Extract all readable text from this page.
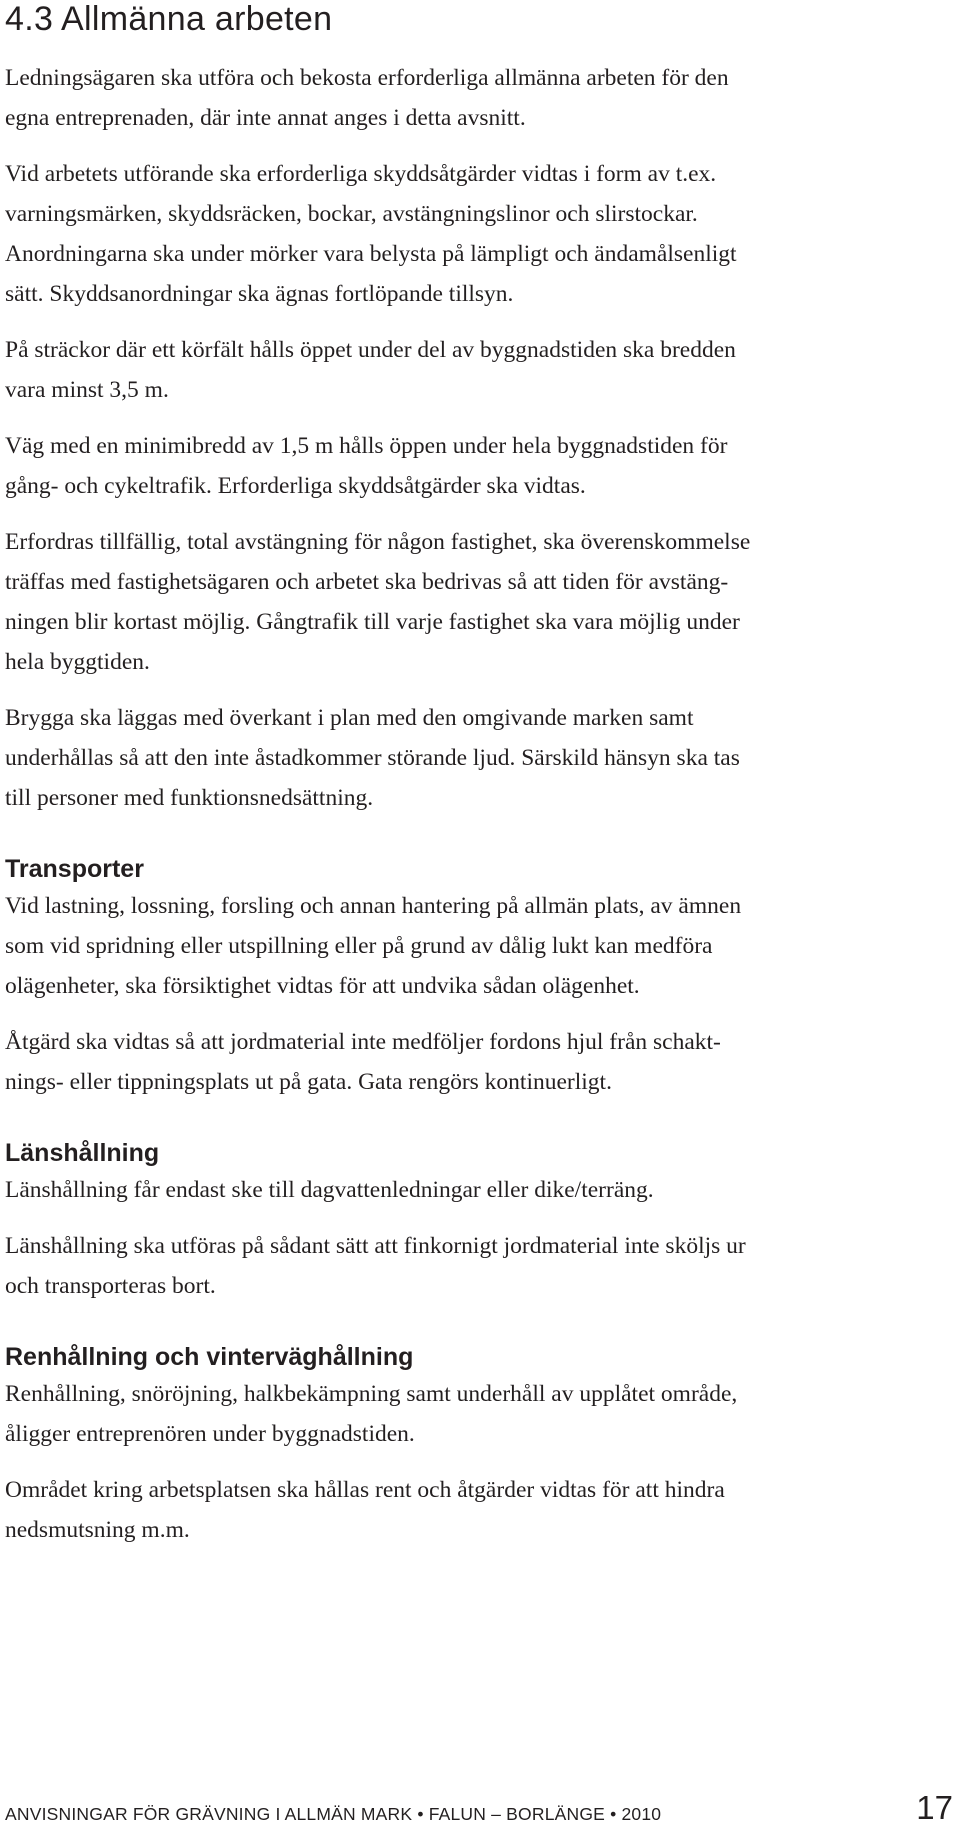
4.3 Allmänna arbeten

Ledningsägaren ska utföra och bekosta erforderliga allmänna arbeten för den
egna entreprenaden, där inte annat anges i detta avsnitt.

Vid arbetets utförande ska erforderliga skyddsåtgärder vidtas i form av t.ex.
varningsmärken, skyddsräcken, bockar, avstängningslinor och slirstockar.
Anordningarna ska under mörker vara belysta på lämpligt och ändamålsenligt
sätt. Skyddsanordningar ska ägnas fortlöpande tillsyn.

På sträckor där ett körfält hålls öppet under del av byggnadstiden ska bredden
vara minst 3,5 m.

Väg med en minimibredd av 1,5 m hålls öppen under hela byggnadstiden för
gång- och cykeltrafik. Erforderliga skyddsåtgärder ska vidtas.

Erfordras tillfällig, total avstängning för någon fastighet, ska överenskommelse
träffas med fastighetsägaren och arbetet ska bedrivas så att tiden för avstäng-
ningen blir kortast möjlig. Gångtrafik till varje fastighet ska vara möjlig under
hela byggtiden.

Brygga ska läggas med överkant i plan med den omgivande marken samt
underhållas så att den inte åstadkommer störande ljud. Särskild hänsyn ska tas
till personer med funktionsnedsättning.

Transporter

Vid lastning, lossning, forsling och annan hantering på allmän plats, av ämnen
som vid spridning eller utspillning eller på grund av dålig lukt kan medföra
olägenheter, ska försiktighet vidtas för att undvika sådan olägenhet.

Åtgärd ska vidtas så att jordmaterial inte medföljer fordons hjul från schakt-
nings- eller tippningsplats ut på gata. Gata rengörs kontinuerligt.

Länshållning

Länshållning får endast ske till dagvattenledningar eller dike/terräng.

Länshållning ska utföras på sådant sätt att finkornigt jordmaterial inte sköljs ur
och transporteras bort.

Renhållning och vinterväghållning

Renhållning, snöröjning, halkbekämpning samt underhåll av upplåtet område,
åligger entreprenören under byggnadstiden.

Området kring arbetsplatsen ska hållas rent och åtgärder vidtas för att hindra
nedsmutsning m.m.

ANVISNINGAR FÖR GRÄVNING I ALLMÄN MARK • FALUN – BORLÄNGE • 2010	17
